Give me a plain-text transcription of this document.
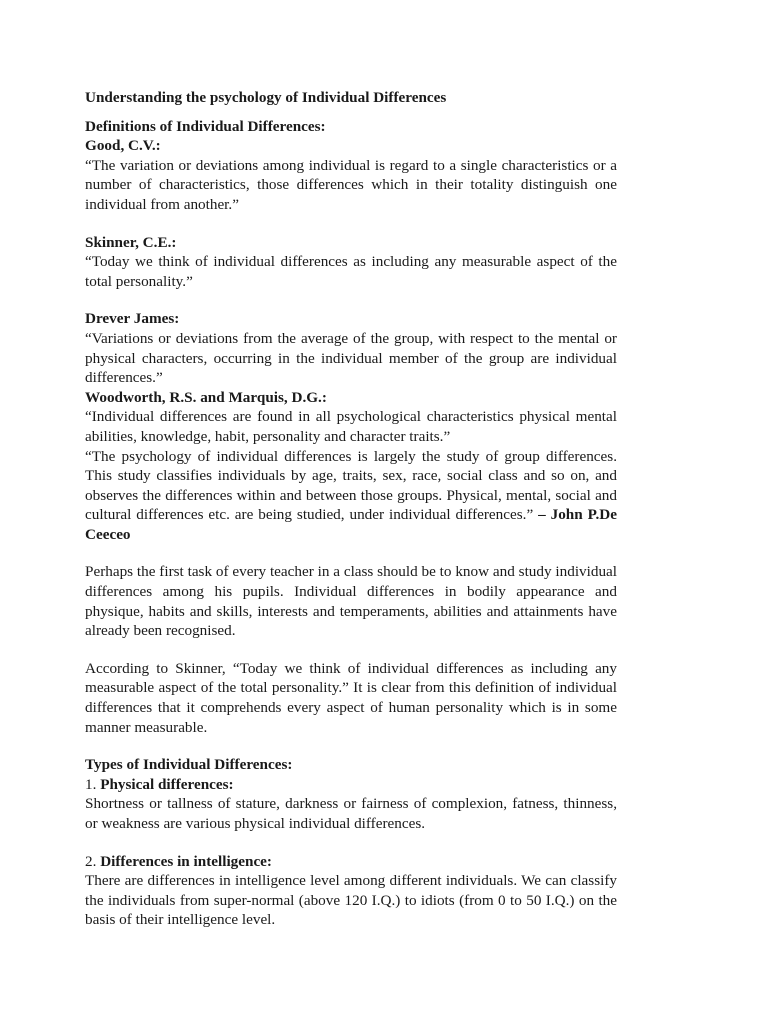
Understanding the psychology of Individual Differences

Definitions of Individual Differences:

Good, C.V.:

“The variation or deviations among individual is regard to a single characteristics or a number of characteristics, those differences which in their totality distinguish one individual from another.”

Skinner, C.E.:

“Today we think of individual differences as including any measurable aspect of the total personality.”

Drever James:

“Variations or deviations from the average of the group, with respect to the mental or physical characters, occurring in the individual member of the group are individual differences.”

Woodworth, R.S. and Marquis, D.G.:

“Individual differences are found in all psychological characteristics physical mental abilities, knowledge, habit, personality and character traits.”

“The psychology of individual differences is largely the study of group differences. This study classifies individuals by age, traits, sex, race, social class and so on, and observes the differences within and between those groups. Physical, mental, social and cultural differences etc. are being studied, under individual differences.” – John P.De Ceeceo

Perhaps the first task of every teacher in a class should be to know and study individual differences among his pupils. Individual differences in bodily appearance and physique, habits and skills, interests and temperaments, abilities and attainments have already been recognised.

According to Skinner, “Today we think of individual differences as including any measurable aspect of the total personality.” It is clear from this definition of individual differences that it comprehends every aspect of human personality which is in some manner measurable.

Types of Individual Differences:

1. Physical differences:

Shortness or tallness of stature, darkness or fairness of complexion, fatness, thinness, or weakness are various physical individual differences.

2. Differences in intelligence:

There are differences in intelligence level among different individuals. We can classify the individuals from super-normal (above 120 I.Q.) to idiots (from 0 to 50 I.Q.) on the basis of their intelligence level.
